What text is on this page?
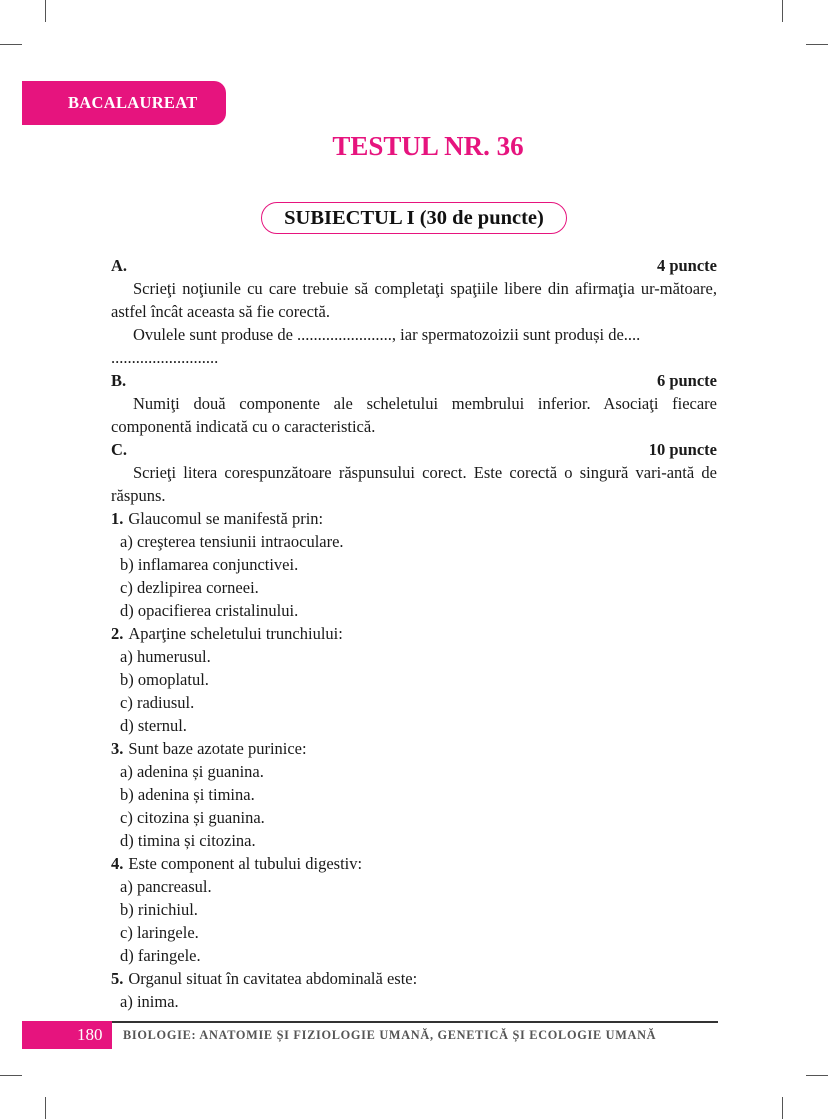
BACALAUREAT
TESTUL NR. 36
SUBIECTUL I (30 de puncte)
A.	4 puncte
Scrieţi noţiunile cu care trebuie să completaţi spaţiile libere din afirmaţia ur-mătoare, astfel încât aceasta să fie corectă.
Ovulele sunt produse de ......................., iar spermatozoizii sunt produși de....
..........................
B.	6 puncte
Numiţi două componente ale scheletului membrului inferior. Asociaţi fiecare componentă indicată cu o caracteristică.
C.	10 puncte
Scrieţi litera corespunzătoare răspunsului corect. Este corectă o singură vari-antă de răspuns.
1. Glaucomul se manifestă prin:
a) creşterea tensiunii intraoculare.
b) inflamarea conjunctivei.
c) dezlipirea corneei.
d) opacifierea cristalinului.
2. Aparţine scheletului trunchiului:
a) humerusul.
b) omoplatul.
c) radiusul.
d) sternul.
3. Sunt baze azotate purinice:
a) adenina și guanina.
b) adenina și timina.
c) citozina și guanina.
d) timina și citozina.
4. Este component al tubului digestiv:
a) pancreasul.
b) rinichiul.
c) laringele.
d) faringele.
5. Organul situat în cavitatea abdominală este:
a) inima.
180 BIOLOGIE: ANATOMIE ȘI FIZIOLOGIE UMANĂ, GENETICĂ ȘI ECOLOGIE UMANĂ
